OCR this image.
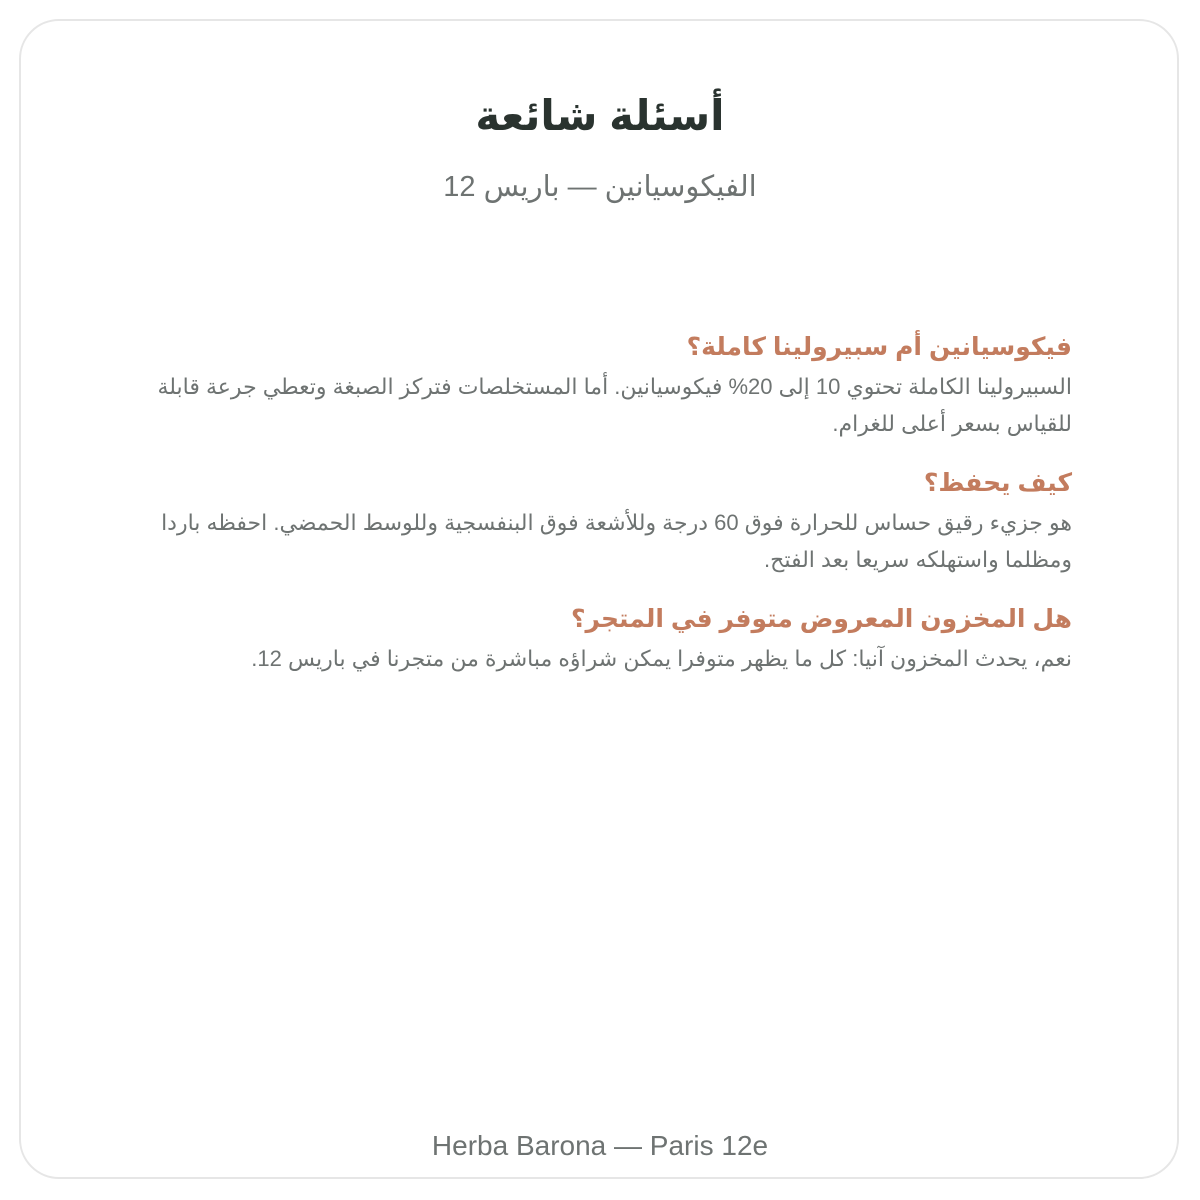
أسئلة شائعة
الفيكوسيانين — باريس 12
فيكوسيانين أم سبيرولينا كاملة؟
السبيرولينا الكاملة تحتوي 10 إلى 20% فيكوسيانين. أما المستخلصات فتركز الصبغة وتعطي جرعة قابلة للقياس بسعر أعلى للغرام.
كيف يحفظ؟
هو جزيء رقيق حساس للحرارة فوق 60 درجة وللأشعة فوق البنفسجية وللوسط الحمضي. احفظه باردا ومظلما واستهلكه سريعا بعد الفتح.
هل المخزون المعروض متوفر في المتجر؟
نعم، يحدث المخزون آنيا: كل ما يظهر متوفرا يمكن شراؤه مباشرة من متجرنا في باريس 12.
Herba Barona — Paris 12e
